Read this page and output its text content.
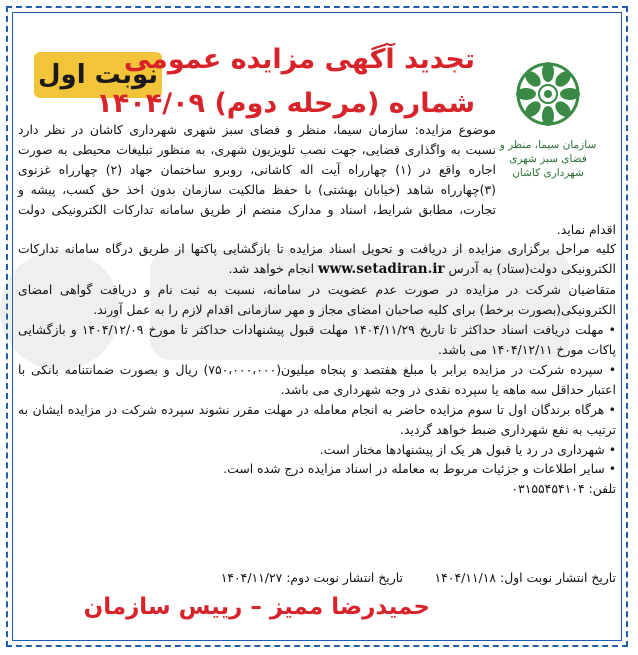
نوبت اول
تجدید آگهی مزایده عمومی
شماره (مرحله دوم) ۱۴۰۴/۰۹
سازمان سیما، منظر و فضای سبز شهری شهرداری کاشان

موضوع مزایده: سازمان سیما، منظر و فضای سبز شهری شهرداری کاشان در نظر دارد نسبت به واگذاری فضایی، جهت نصب تلویزیون شهری، به منظور تبلیغات محیطی به صورت اجاره واقع در (۱) چهارراه آیت اله کاشانی، روبرو ساختمان جهاد (۲) چهارراه غزنوی (۳)چهارراه شاهد (خیابان بهشتی) با حفظ مالکیت سازمان بدون اخذ حق کسب، پیشه و تجارت، مطابق شرایط، اسناد و مدارک منضم از طریق سامانه تدارکات الکترونیکی دولت اقدام نماید.

کلیه مراحل برگزاری مزایده از دریافت و تحویل اسناد مزایده تا بازگشایی پاکتها از طریق درگاه سامانه تدارکات الکترونیکی دولت(ستاد) به آدرس www.setadiran.ir انجام خواهد شد.

متقاضیان شرکت در مزایده در صورت عدم عضویت در سامانه، نسبت به ثبت نام و دریافت گواهی امضای الکترونیکی(بصورت برخط) برای کلیه صاحبان امضای مجاز و مهر سازمانی اقدام لازم را به عمل آورند.

• مهلت دریافت اسناد حداکثر تا تاریخ ۱۴۰۴/۱۱/۲۹ مهلت قبول پیشنهادات حداکثر تا مورخ ۱۴۰۴/۱۲/۰۹ و بازگشایی پاکات مورخ ۱۴۰۴/۱۲/۱۱ می باشد.

• سپرده شرکت در مزایده برابر با مبلغ هفتصد و پنجاه میلیون(۷۵۰،۰۰۰،۰۰۰) ریال و بصورت ضمانتنامه بانکی با اعتبار حداقل سه ماهه یا سپرده نقدی در وجه شهرداری می باشد.

• هرگاه برندگان اول تا سوم مزایده حاضر به انجام معامله در مهلت مقرر نشوند سپرده شرکت در مزایده ایشان به ترتیب به نفع شهرداری ضبط خواهد گردید.

• شهرداری در رد یا قبول هر یک از پیشنهادها مختار است.

• سایر اطلاعات و جزئیات مربوط به معامله در اسناد مزایده درج شده است.

تلفن: ۰۳۱۵۵۴۵۴۱۰۴

تاریخ انتشار نوبت اول: ۱۴۰۴/۱۱/۱۸        تاریخ انتشار نوبت دوم: ۱۴۰۴/۱۱/۲۷
حمیدرضا ممیز – رییس سازمان
